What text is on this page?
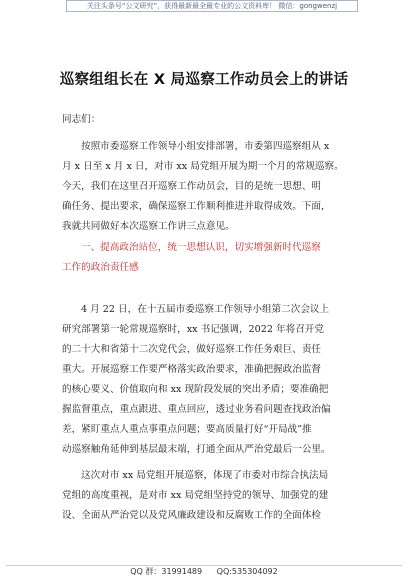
关注头条号“公文研究”，获得最新最全最专业的公文资料库！ 微信：gongwenzj
巡察组组长在 X 局巡察工作动员会上的讲话
同志们：
按照市委巡察工作领导小组安排部署，市委第四巡察组从 x
月 x 日至 x 月 x 日，对市 xx 局党组开展为期一个月的常规巡察。
今天，我们在这里召开巡察工作动员会，目的是统一思想、明
确任务、提出要求，确保巡察工作顺利推进并取得成效。下面，
我就共同做好本次巡察工作讲三点意见。
一、提高政治站位，统一思想认识，切实增强新时代巡察
工作的政治责任感
4 月 22 日，在十五届市委巡察工作领导小组第二次会议上
研究部署第一轮常规巡察时，xx 书记强调，2022 年将召开党
的二十大和省第十二次党代会，做好巡察工作任务艰巨、责任
重大。开展巡察工作要严格落实政治要求，准确把握政治监督
的核心要义、价值取向和 xx 现阶段发展的突出矛盾；要准确把
握监督重点，重点跟进、重点回应，透过业务看问题查找政治偏
差，紧盯重点人重点事重点问题；要高质量打好“开局战”推
动巡察触角延伸到基层最末端，打通全面从严治党最后一公里。
这次对市 xx 局党组开展巡察，体现了市委对市综合执法局
党组的高度重视，是对市 xx 局党组坚持党的领导、加强党的建
设、全面从严治党以及党风廉政建设和反腐败工作的全面体检
QQ 群：31991489 QQ:535304092
